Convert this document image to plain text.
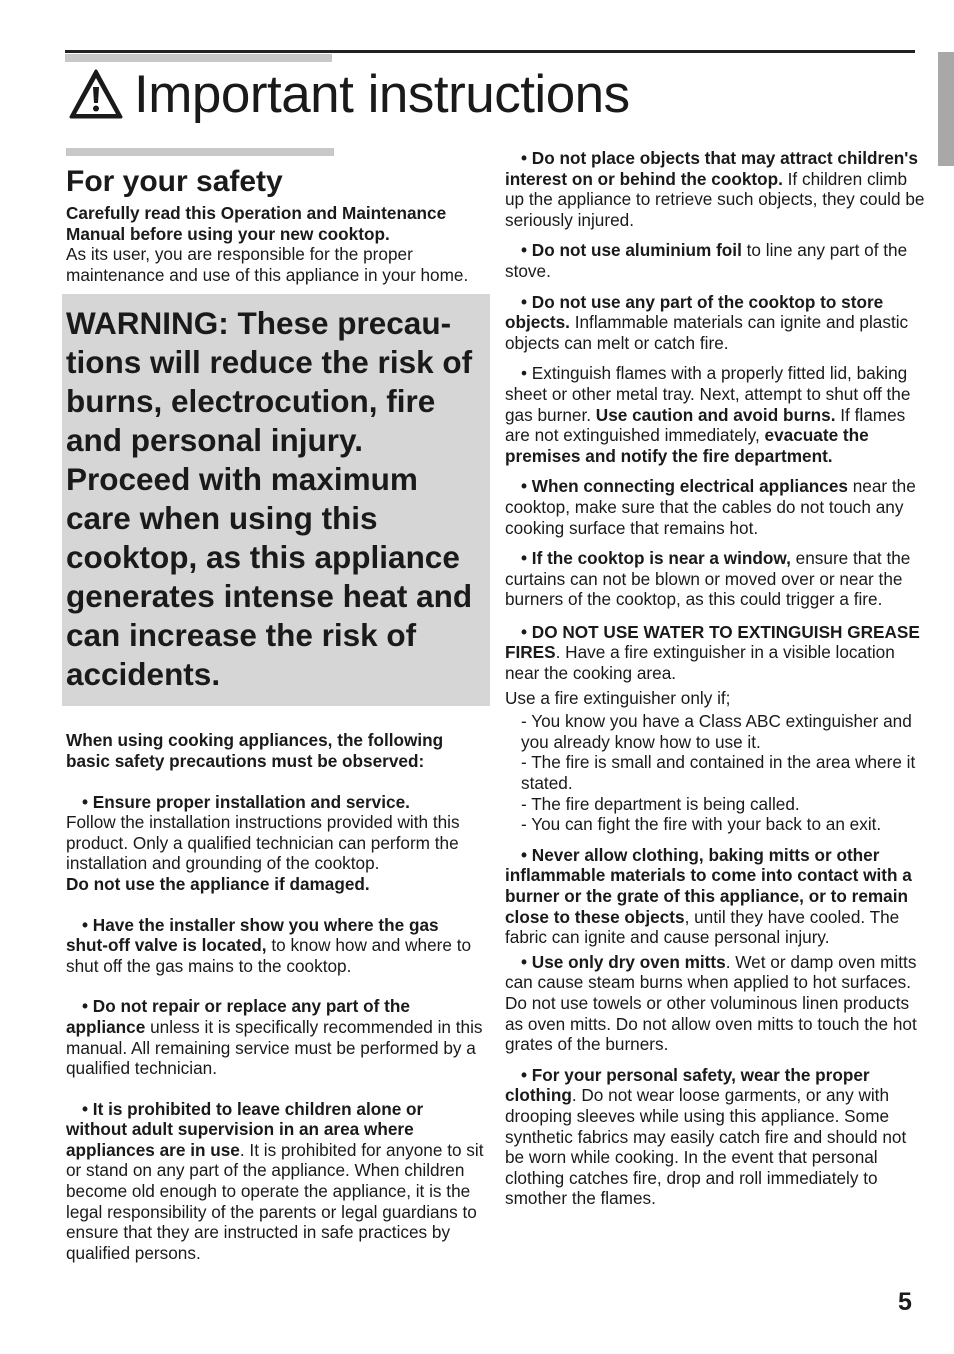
Important instructions
For your safety

Carefully read this Operation and Maintenance Manual before using your new cooktop.

As its user, you are responsible for the proper maintenance and use of this appliance in your home.

WARNING: These precau- tions will reduce the risk of burns, electrocution, fire and personal injury. Proceed with maximum care when using this cooktop, as this appliance generates intense heat and can increase the risk of accidents.

When using cooking appliances, the following basic safety precautions must be observed:

• Ensure proper installation and service.
Follow the installation instructions provided with this product. Only a qualified technician can perform the installation and grounding of the cooktop.
Do not use the appliance if damaged.

• Have the installer show you where the gas shut-off valve is located, to know how and where to shut off the gas mains to the cooktop.

• Do not repair or replace any part of the appliance unless it is specifically recommended in this manual. All remaining service must be performed by a qualified technician.

• It is prohibited to leave children alone or without adult supervision in an area where appliances are in use. It is prohibited for anyone to sit or stand on any part of the appliance. When children become old enough to operate the appliance, it is the legal responsibility of the parents or legal guardians to ensure that they are instructed in safe practices by qualified persons.

• Do not place objects that may attract children's interest on or behind the cooktop. If children climb up the appliance to retrieve such objects, they could be seriously injured.

• Do not use aluminium foil to line any part of the stove.

• Do not use any part of the cooktop to store objects. Inflammable materials can ignite and plastic objects can melt or catch fire.

• Extinguish flames with a properly fitted lid, baking sheet or other metal tray. Next, attempt to shut off the gas burner. Use caution and avoid burns. If flames are not extinguished immediately, evacuate the premises and notify the fire department.

• When connecting electrical appliances near the cooktop, make sure that the cables do not touch any cooking surface that remains hot.

• If the cooktop is near a window, ensure that the curtains can not be blown or moved over or near the burners of the cooktop, as this could trigger a fire.

• DO NOT USE WATER TO EXTINGUISH GREASE FIRES. Have a fire extinguisher in a visible location near the cooking area.

Use a fire extinguisher only if;

- You know you have a Class ABC extinguisher and you already know how to use it.

- The fire is small and contained in the area where it stated.

- The fire department is being called.

- You can fight the fire with your back to an exit.

• Never allow clothing, baking mitts or other inflammable materials to come into contact with a burner or the grate of this appliance, or to remain close to these objects, until they have cooled. The fabric can ignite and cause personal injury.

• Use only dry oven mitts. Wet or damp oven mitts can cause steam burns when applied to hot surfaces. Do not use towels or other voluminous linen products as oven mitts. Do not allow oven mitts to touch the hot grates of the burners.

• For your personal safety, wear the proper clothing. Do not wear loose garments, or any with drooping sleeves while using this appliance. Some synthetic fabrics may easily catch fire and should not be worn while cooking. In the event that personal clothing catches fire, drop and roll immediately to smother the flames.

5
